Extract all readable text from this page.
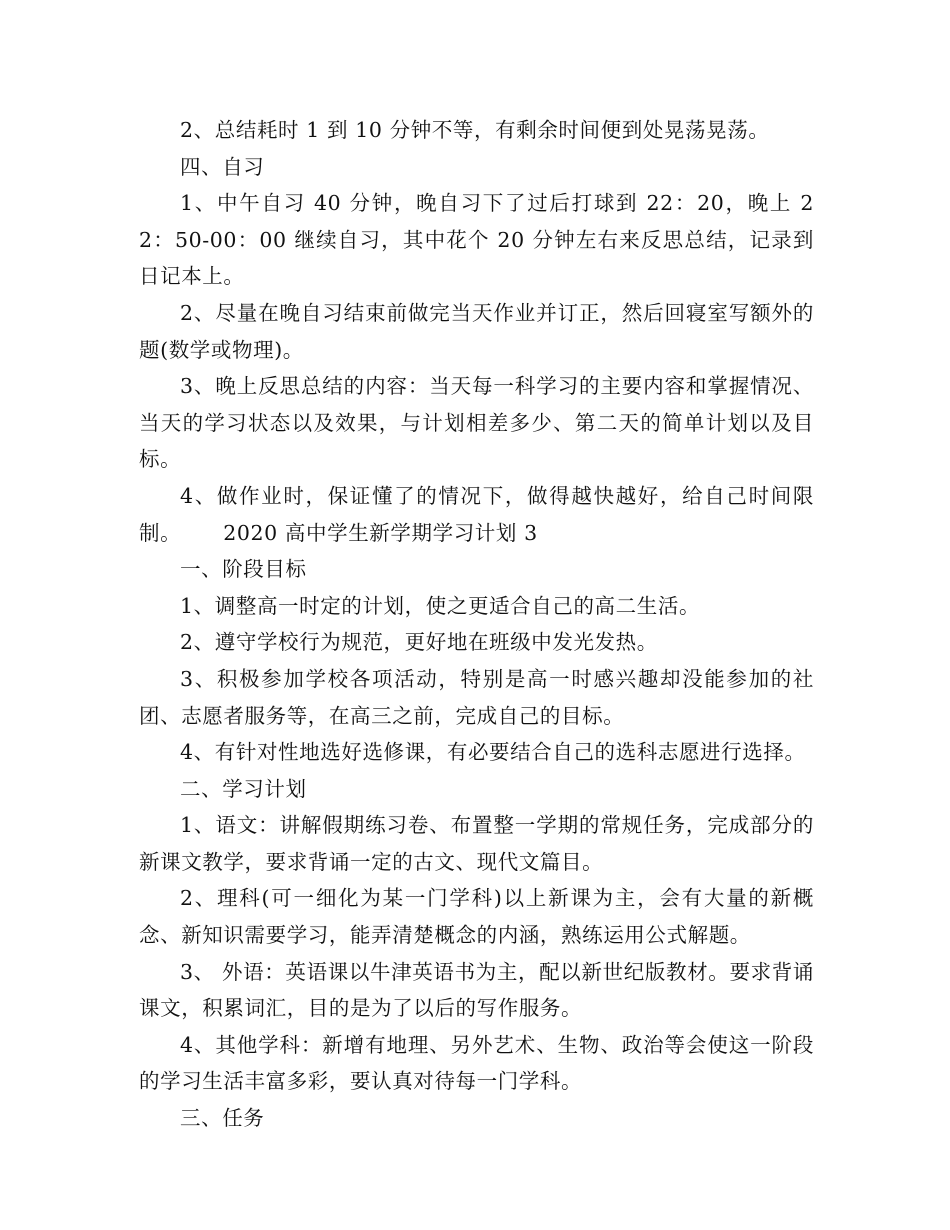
2、总结耗时 1 到 10 分钟不等，有剩余时间便到处晃荡晃荡。

四、自习

1、中午自习 40 分钟，晚自习下了过后打球到 22：20，晚上 22：50-00：00 继续自习，其中花个 20 分钟左右来反思总结，记录到日记本上。

2、尽量在晚自习结束前做完当天作业并订正，然后回寝室写额外的题(数学或物理)。

3、晚上反思总结的内容：当天每一科学习的主要内容和掌握情况、当天的学习状态以及效果，与计划相差多少、第二天的简单计划以及目标。

4、做作业时，保证懂了的情况下，做得越快越好，给自己时间限制。 2020 高中学生新学期学习计划 3

一、阶段目标

1、调整高一时定的计划，使之更适合自己的高二生活。

2、遵守学校行为规范，更好地在班级中发光发热。

3、积极参加学校各项活动，特别是高一时感兴趣却没能参加的社团、志愿者服务等，在高三之前，完成自己的目标。

4、有针对性地选好选修课，有必要结合自己的选科志愿进行选择。

二、学习计划

1、语文：讲解假期练习卷、布置整一学期的常规任务，完成部分的新课文教学，要求背诵一定的古文、现代文篇目。

2、理科(可一细化为某一门学科)以上新课为主，会有大量的新概念、新知识需要学习，能弄清楚概念的内涵，熟练运用公式解题。

3、 外语：英语课以牛津英语书为主，配以新世纪版教材。要求背诵课文，积累词汇，目的是为了以后的写作服务。

4、其他学科：新增有地理、另外艺术、生物、政治等会使这一阶段的学习生活丰富多彩，要认真对待每一门学科。

三、任务
